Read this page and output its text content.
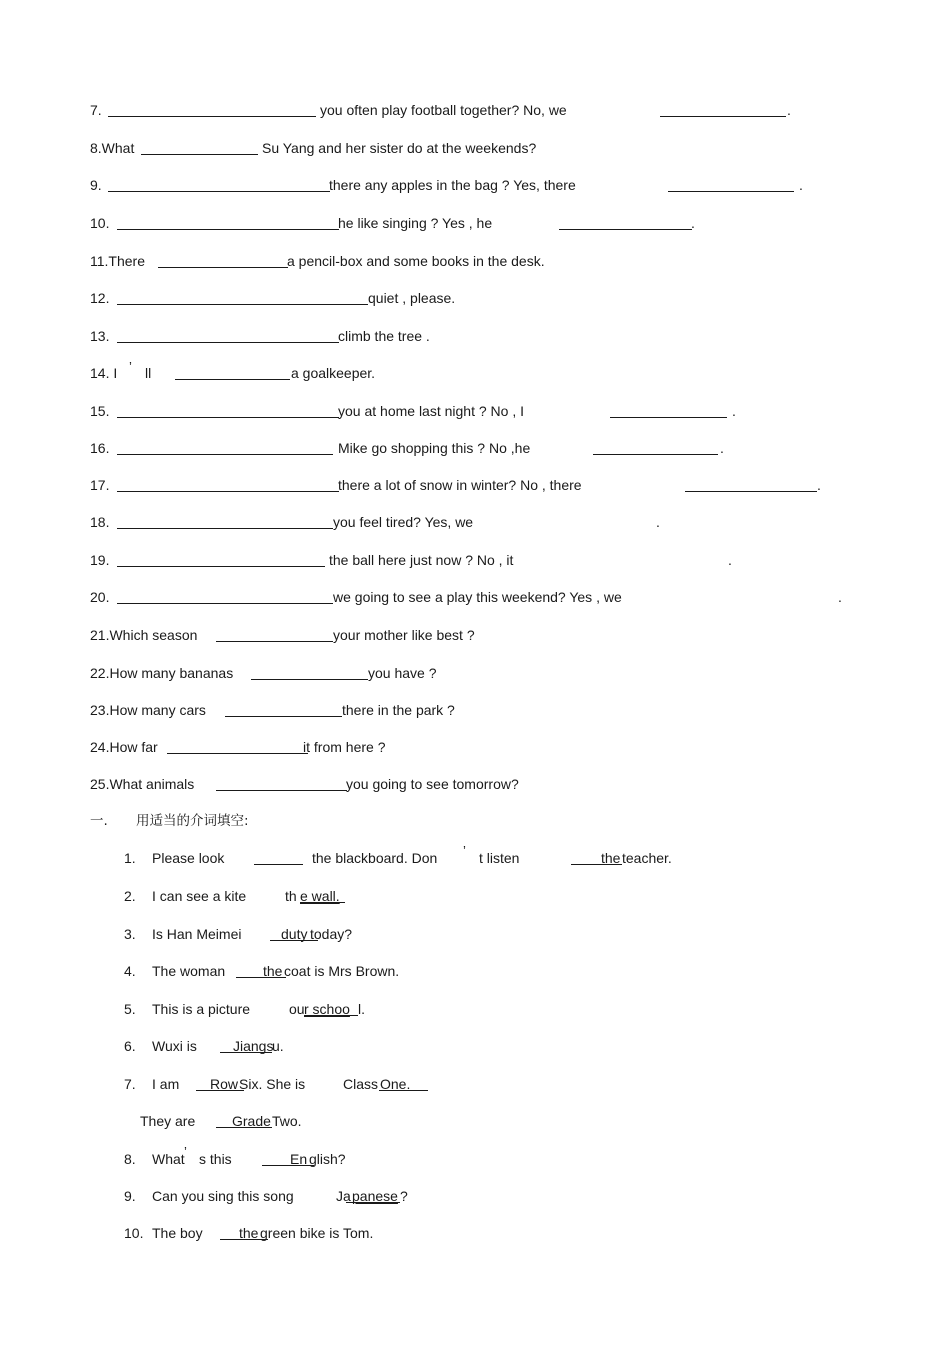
7.	you often play football together? No, we	.
8.What	Su Yang and her sister do at the weekends?
9.	there any apples in the bag ? Yes, there	.
10.	he like singing ? Yes , he	.
11.There	a pencil-box and some books in the desk.
12.	quiet , please.
13.	climb the tree .
14. I ’ ll	a goalkeeper.
15.	you at home last night ? No , I	.
16.	Mike go shopping this ? No ,he	.
17.	there a lot of snow in winter? No , there	.
18.	you feel tired? Yes, we	.
19.	the ball here just now ? No , it	.
20.	we going to see a play this weekend? Yes , we	.
21.Which season	your mother like best ?
22.How many bananas	you have ?
23.How many cars	there in the park ?
24.How far	it from here ?
25.What animals	you going to see tomorrow?
一. 用适当的介词填空:
1. Please look	the blackboard. Don ’ t listen	the teacher.
2. I can see a kite	th e wall.
3. Is Han Meimei	duty today?
4. The woman	the coat is Mrs Brown.
5. This is a picture	ou r schoo l.
6. Wuxi is	Jiangs
u.
7. I am Row Six. She is	Class One.
They are	Grade Two.
8. What ’ s this	En glish?
9. Can you sing this song	Ja panese ?
10. The boy	the green bike is Tom.
